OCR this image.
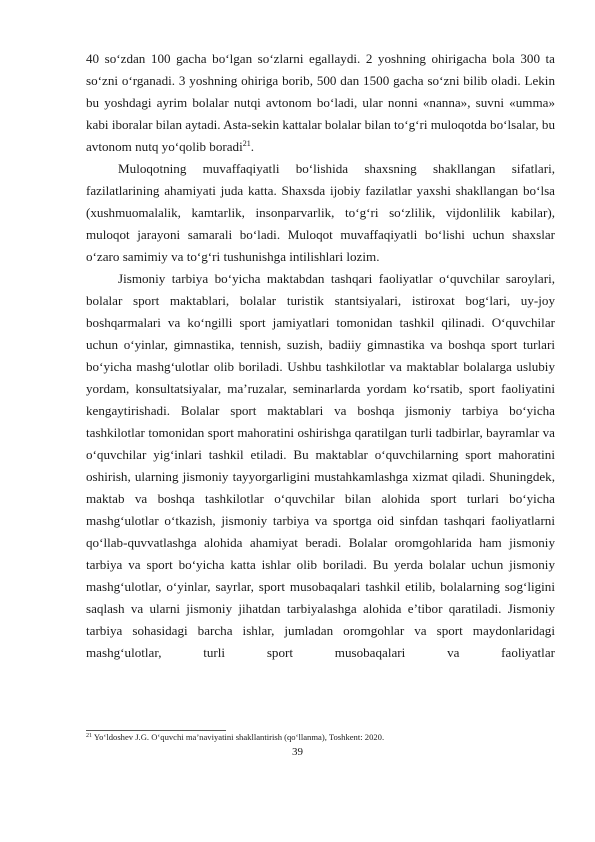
40 so‘zdan 100 gacha bo‘lgan so‘zlarni egallaydi. 2 yoshning ohirigacha bola 300 ta so‘zni o‘rganadi. 3 yoshning ohiriga borib, 500 dan 1500 gacha so‘zni bilib oladi. Lekin bu yoshdagi ayrim bolalar nutqi avtonom bo‘ladi, ular nonni «nanna», suvni «umma» kabi iboralar bilan aytadi. Asta-sekin kattalar bolalar bilan to‘g‘ri muloqotda bo‘lsalar, bu avtonom nutq yo‘qolib boradi$^{21}$.

Muloqotning muvaffaqiyatli bo‘lishida shaxsning shakllangan sifatlari, fazilatlarining ahamiyati juda katta. Shaxsda ijobiy fazilatlar yaxshi shakllangan bo‘lsa (xushmuomalalik, kamtarlik, insonparvarlik, to‘g‘ri so‘zlilik, vijdonlilik kabilar), muloqot jarayoni samarali bo‘ladi. Muloqot muvaffaqiyatli bo‘lishi uchun shaxslar o‘zaro samimiy va to‘g‘ri tushunishga intilishlari lozim.

Jismoniy tarbiya bo‘yicha maktabdan tashqari faoliyatlar o‘quvchilar saroylari, bolalar sport maktablari, bolalar turistik stantsiyalari, istiroxat bog‘lari, uy-joy boshqarmalari va ko‘ngilli sport jamiyatlari tomonidan tashkil qilinadi. O‘quvchilar uchun o‘yinlar, gimnastika, tennish, suzish, badiiy gimnastika va boshqa sport turlari bo‘yicha mashg‘ulotlar olib boriladi. Ushbu tashkilotlar va maktablar bolalarga uslubiy yordam, konsultatsiyalar, ma’ruzalar, seminarlarda yordam ko‘rsatib, sport faoliyatini kengaytirishadi. Bolalar sport maktablari va boshqa jismoniy tarbiya bo‘yicha tashkilotlar tomonidan sport mahoratini oshirishga qaratilgan turli tadbirlar, bayramlar va o‘quvchilar yig‘inlari tashkil etiladi. Bu maktablar o‘quvchilarning sport mahoratini oshirish, ularning jismoniy tayyorgarligini mustahkamlashga xizmat qiladi. Shuningdek, maktab va boshqa tashkilotlar o‘quvchilar bilan alohida sport turlari bo‘yicha mashg‘ulotlar o‘tkazish, jismoniy tarbiya va sportga oid sinfdan tashqari faoliyatlarni qo‘llab-quvvatlashga alohida ahamiyat beradi. Bolalar oromgohlarida ham jismoniy tarbiya va sport bo‘yicha katta ishlar olib boriladi. Bu yerda bolalar uchun jismoniy mashg‘ulotlar, o‘yinlar, sayrlar, sport musobaqalari tashkil etilib, bolalarning sog‘ligini saqlash va ularni jismoniy jihatdan tarbiyalashga alohida e’tibor qaratiladi. Jismoniy tarbiya sohasidagi barcha ishlar, jumladan oromgohlar va sport maydonlaridagi mashg‘ulotlar, turli sport musobaqalari va faoliyatlar

$^{21}$ Yo‘ldoshev J.G. O‘quvchi ma’naviyatini shakllantirish (qo‘llanma), Toshkent: 2020.
39
